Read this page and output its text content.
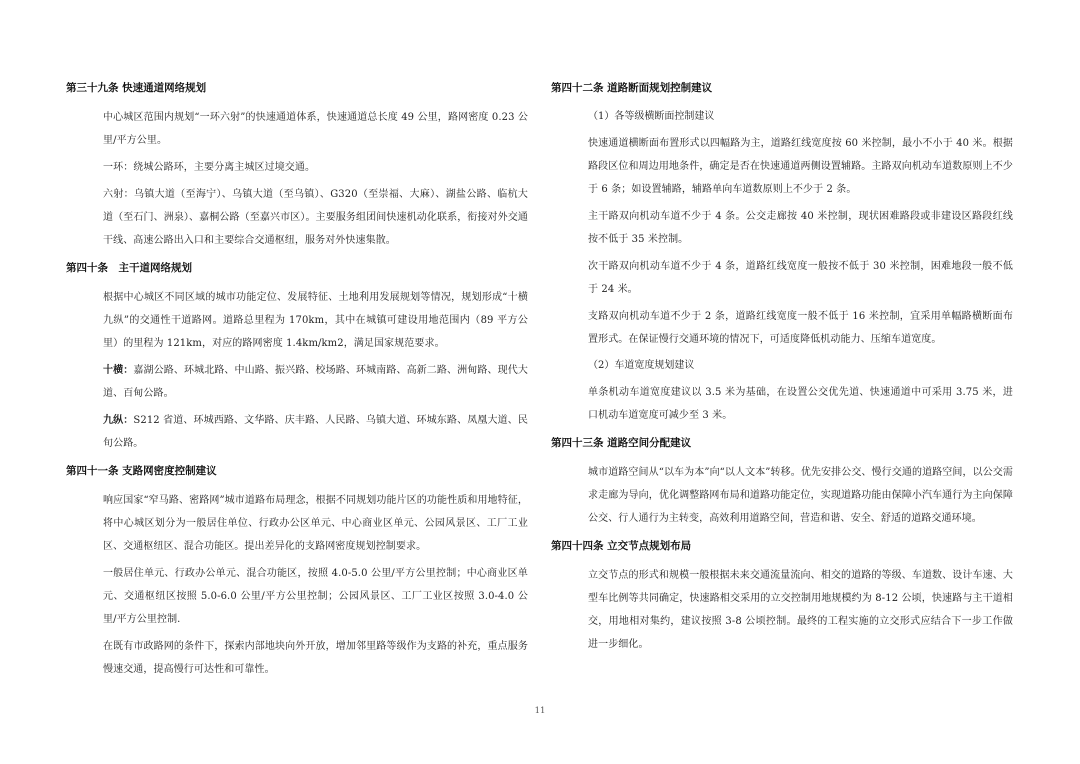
第三十九条 快速通道网络规划
中心城区范围内规划“一环六射”的快速通道体系，快速通道总长度 49 公里，路网密度 0.23 公里/平方公里。
一环：绕城公路环，主要分离主城区过境交通。
六射：乌镇大道（至海宁）、乌镇大道（至乌镇）、G320（至崇福、大麻）、湖盐公路、临杭大道（至石门、洲泉）、嘉桐公路（至嘉兴市区）。主要服务组团间快速机动化联系，衔接对外交通干线、高速公路出入口和主要综合交通枢纽，服务对外快速集散。
第四十条　主干道网络规划
根据中心城区不同区域的城市功能定位、发展特征、土地利用发展规划等情况，规划形成“十横九纵”的交通性干道路网。道路总里程为 170km，其中在城镇可建设用地范围内（89 平方公里）的里程为 121km，对应的路网密度 1.4km/km2，满足国家规范要求。
十横：嘉湖公路、环城北路、中山路、振兴路、校场路、环城南路、高新二路、洲甸路、现代大道、百甸公路。
九纵：S212 省道、环城西路、文华路、庆丰路、人民路、乌镇大道、环城东路、凤凰大道、民旬公路。
第四十一条 支路网密度控制建议
响应国家“窄马路、密路网”城市道路布局理念，根据不同规划功能片区的功能性质和用地特征，将中心城区划分为一般居住单位、行政办公区单元、中心商业区单元、公园风景区、工厂工业区、交通枢纽区、混合功能区。提出差异化的支路网密度规划控制要求。
一般居住单元、行政办公单元、混合功能区，按照 4.0-5.0 公里/平方公里控制；中心商业区单元、交通枢纽区按照 5.0-6.0 公里/平方公里控制；公园风景区、工厂工业区按照 3.0-4.0 公里/平方公里控制.
在既有市政路网的条件下，探索内部地块向外开放，增加邻里路等级作为支路的补充，重点服务慢速交通，提高慢行可达性和可靠性。
第四十二条 道路断面规划控制建议
（1）各等级横断面控制建议
快速通道横断面布置形式以四幅路为主，道路红线宽度按 60 米控制，最小不小于 40 米。根据路段区位和周边用地条件，确定是否在快速通道两侧设置辅路。主路双向机动车道数原则上不少于 6 条；如设置辅路，辅路单向车道数原则上不少于 2 条。
主干路双向机动车道不少于 4 条。公交走廊按 40 米控制，现状困难路段或非建设区路段红线按不低于 35 米控制。
次干路双向机动车道不少于 4 条，道路红线宽度一般按不低于 30 米控制，困难地段一般不低于 24 米。
支路双向机动车道不少于 2 条，道路红线宽度一般不低于 16 米控制，宜采用单幅路横断面布置形式。在保证慢行交通环境的情况下，可适度降低机动能力、压缩车道宽度。
（2）车道宽度规划建议
单条机动车道宽度建议以 3.5 米为基础，在设置公交优先道、快速通道中可采用 3.75 米，进口机动车道宽度可减少至 3 米。
第四十三条 道路空间分配建议
城市道路空间从“以车为本”向“以人文本”转移。优先安排公交、慢行交通的道路空间，以公交需求走廊为导向，优化调整路网布局和道路功能定位，实现道路功能由保障小汽车通行为主向保障公交、行人通行为主转变，高效利用道路空间，营造和谐、安全、舒适的道路交通环境。
第四十四条 立交节点规划布局
立交节点的形式和规模一般根据未来交通流量流向、相交的道路的等级、车道数、设计车速、大型车比例等共同确定，快速路相交采用的立交控制用地规模约为 8-12 公顷，快速路与主干道相交，用地相对集约，建议按照 3-8 公顷控制。最终的工程实施的立交形式应结合下一步工作做进一步细化。
11
